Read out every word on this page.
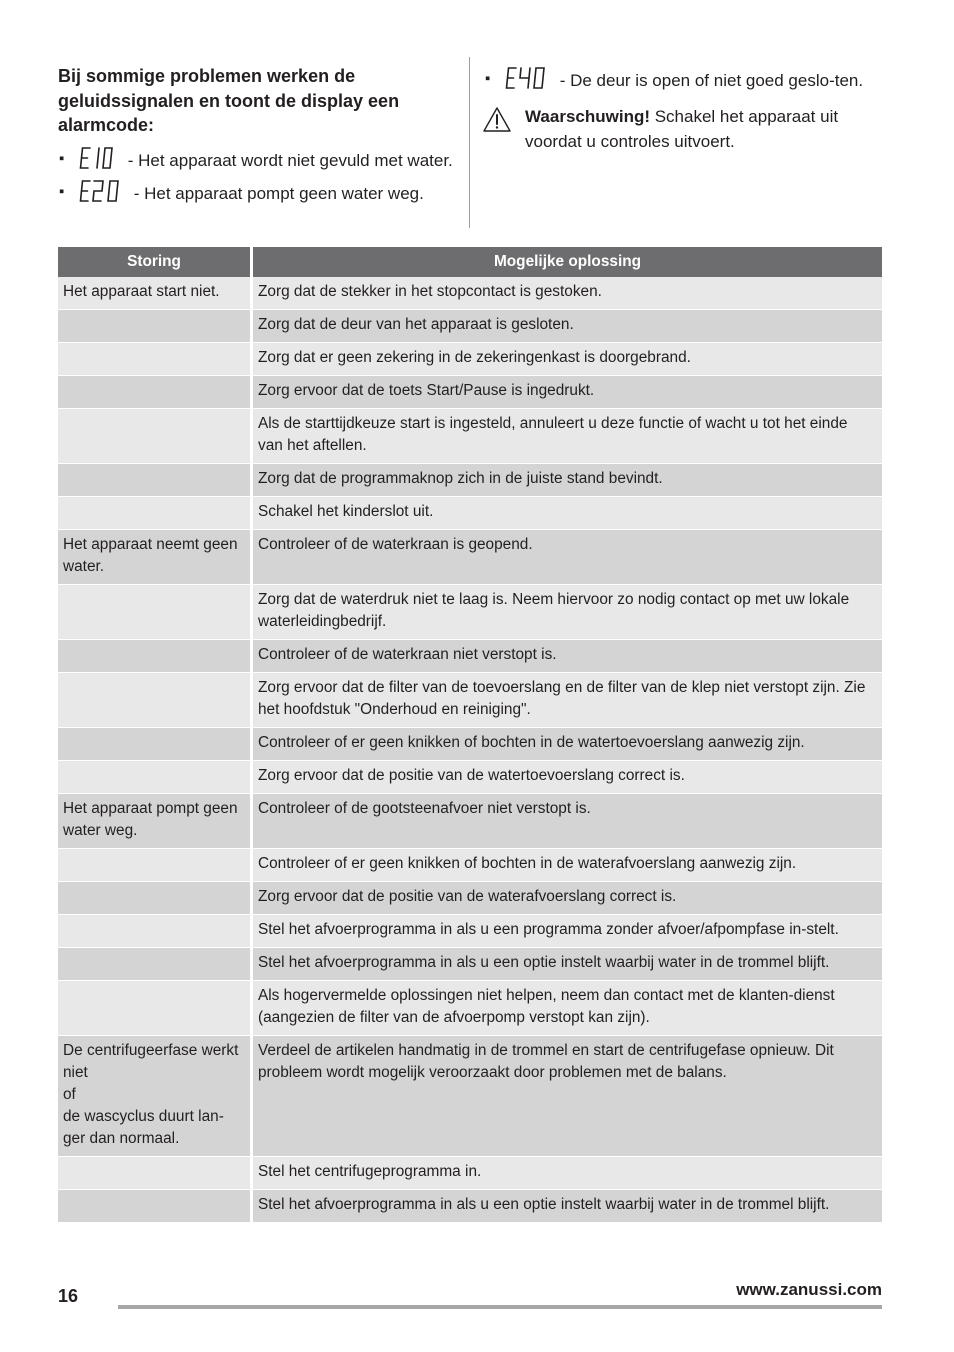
Bij sommige problemen werken de geluidssignalen en toont de display een alarmcode:

▪	- Het apparaat wordt niet gevuld met water.
▪	- Het apparaat pompt geen water weg.
▪	- De deur is open of niet goed geslo-ten.
Waarschuwing! Schakel het apparaat uit voordat u controles uitvoert.
Storing	Mogelijke oplossing
Het apparaat start niet.	Zorg dat de stekker in het stopcontact is gestoken.
	Zorg dat de deur van het apparaat is gesloten.
	Zorg dat er geen zekering in de zekeringenkast is doorgebrand.
	Zorg ervoor dat de toets Start/Pause is ingedrukt.
	Als de starttijdkeuze start is ingesteld, annuleert u deze functie of wacht u tot het einde van het aftellen.
	Zorg dat de programmaknop zich in de juiste stand bevindt.
	Schakel het kinderslot uit.
Het apparaat neemt geen water.	Controleer of de waterkraan is geopend.
	Zorg dat de waterdruk niet te laag is. Neem hiervoor zo nodig contact op met uw lokale waterleidingbedrijf.
	Controleer of de waterkraan niet verstopt is.
	Zorg ervoor dat de filter van de toevoerslang en de filter van de klep niet verstopt zijn. Zie het hoofdstuk "Onderhoud en reiniging".
	Controleer of er geen knikken of bochten in de watertoevoerslang aanwezig zijn.
	Zorg ervoor dat de positie van de watertoevoerslang correct is.
Het apparaat pompt geen water weg.	Controleer of de gootsteenafvoer niet verstopt is.
	Controleer of er geen knikken of bochten in de waterafvoerslang aanwezig zijn.
	Zorg ervoor dat de positie van de waterafvoerslang correct is.
	Stel het afvoerprogramma in als u een programma zonder afvoer/afpompfase in-stelt.
	Stel het afvoerprogramma in als u een optie instelt waarbij water in de trommel blijft.
	Als hogervermelde oplossingen niet helpen, neem dan contact met de klanten-dienst (aangezien de filter van de afvoerpomp verstopt kan zijn).
De centrifugeerfase werkt niet
of
de wascyclus duurt lan-ger dan normaal.	Verdeel de artikelen handmatig in de trommel en start de centrifugefase opnieuw. Dit probleem wordt mogelijk veroorzaakt door problemen met de balans.
	Stel het centrifugeprogramma in.
	Stel het afvoerprogramma in als u een optie instelt waarbij water in de trommel blijft.
16	www.zanussi.com
